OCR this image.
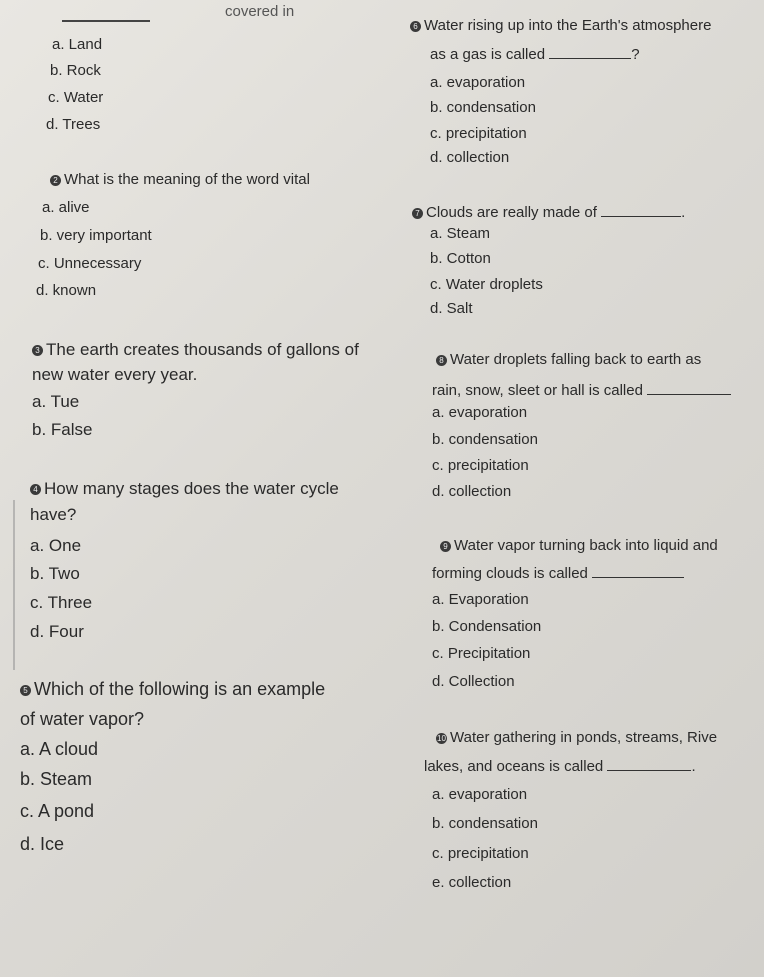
covered in
a. Land
b. Rock
c. Water
d. Trees
6 Water rising up into the Earth's atmosphere
as a gas is called	?
a. evaporation
b. condensation
c. precipitation
d. collection
2 What is the meaning of the word vital
a. alive
b. very important
c. Unnecessary
d. known
7 Clouds are really made of	.
a. Steam
b. Cotton
c. Water droplets
d. Salt
3 The earth creates thousands of gallons of
new water every year.
a. Tue
b. False
8 Water droplets falling back to earth as
rain, snow, sleet or hall is called
a. evaporation
b. condensation
c. precipitation
d. collection
4 How many stages does the water cycle
have?
a. One
b. Two
c. Three
d. Four
9 Water vapor turning back into liquid and
forming clouds is called
a. Evaporation
b. Condensation
c. Precipitation
d. Collection
5 Which of the following is an example
of water vapor?
a. A cloud
b. Steam
c. A pond
d. Ice
10 Water gathering in ponds, streams, Rive
lakes, and oceans is called	.
a. evaporation
b. condensation
c. precipitation
e. collection
